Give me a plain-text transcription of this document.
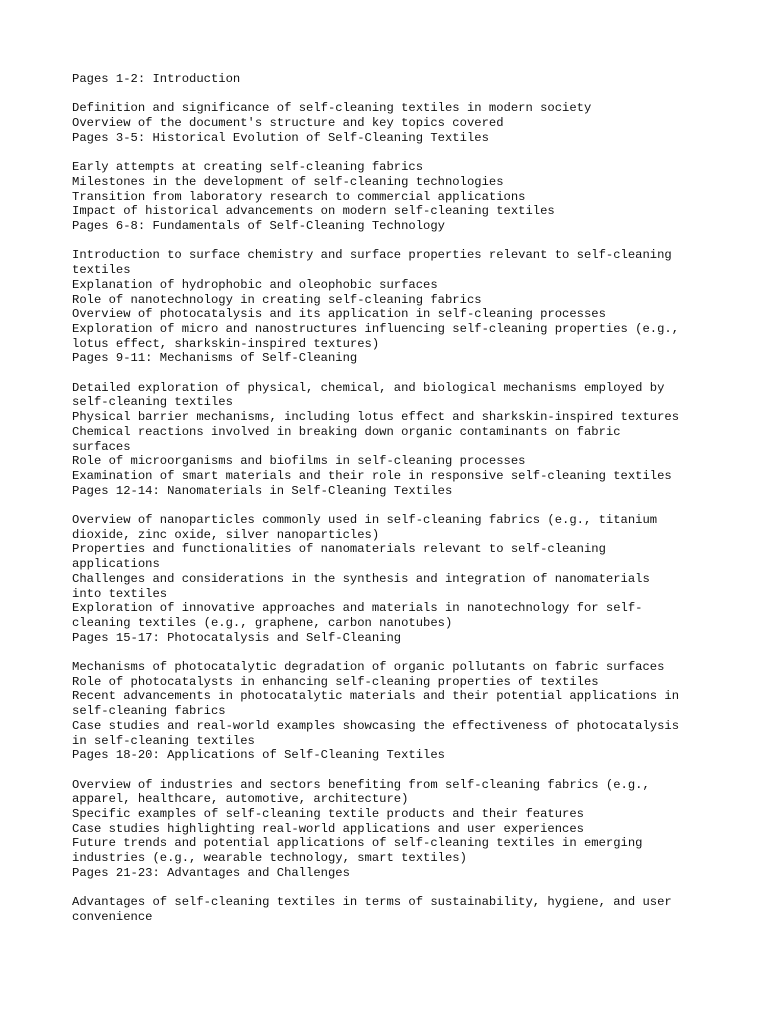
Pages 1-2: Introduction
Definition and significance of self-cleaning textiles in modern society
Overview of the document's structure and key topics covered
Pages 3-5: Historical Evolution of Self-Cleaning Textiles
Early attempts at creating self-cleaning fabrics
Milestones in the development of self-cleaning technologies
Transition from laboratory research to commercial applications
Impact of historical advancements on modern self-cleaning textiles
Pages 6-8: Fundamentals of Self-Cleaning Technology
Introduction to surface chemistry and surface properties relevant to self-cleaning
textiles
Explanation of hydrophobic and oleophobic surfaces
Role of nanotechnology in creating self-cleaning fabrics
Overview of photocatalysis and its application in self-cleaning processes
Exploration of micro and nanostructures influencing self-cleaning properties (e.g.,
lotus effect, sharkskin-inspired textures)
Pages 9-11: Mechanisms of Self-Cleaning
Detailed exploration of physical, chemical, and biological mechanisms employed by
self-cleaning textiles
Physical barrier mechanisms, including lotus effect and sharkskin-inspired textures
Chemical reactions involved in breaking down organic contaminants on fabric
surfaces
Role of microorganisms and biofilms in self-cleaning processes
Examination of smart materials and their role in responsive self-cleaning textiles
Pages 12-14: Nanomaterials in Self-Cleaning Textiles
Overview of nanoparticles commonly used in self-cleaning fabrics (e.g., titanium
dioxide, zinc oxide, silver nanoparticles)
Properties and functionalities of nanomaterials relevant to self-cleaning
applications
Challenges and considerations in the synthesis and integration of nanomaterials
into textiles
Exploration of innovative approaches and materials in nanotechnology for self-
cleaning textiles (e.g., graphene, carbon nanotubes)
Pages 15-17: Photocatalysis and Self-Cleaning
Mechanisms of photocatalytic degradation of organic pollutants on fabric surfaces
Role of photocatalysts in enhancing self-cleaning properties of textiles
Recent advancements in photocatalytic materials and their potential applications in
self-cleaning fabrics
Case studies and real-world examples showcasing the effectiveness of photocatalysis
in self-cleaning textiles
Pages 18-20: Applications of Self-Cleaning Textiles
Overview of industries and sectors benefiting from self-cleaning fabrics (e.g.,
apparel, healthcare, automotive, architecture)
Specific examples of self-cleaning textile products and their features
Case studies highlighting real-world applications and user experiences
Future trends and potential applications of self-cleaning textiles in emerging
industries (e.g., wearable technology, smart textiles)
Pages 21-23: Advantages and Challenges
Advantages of self-cleaning textiles in terms of sustainability, hygiene, and user
convenience
